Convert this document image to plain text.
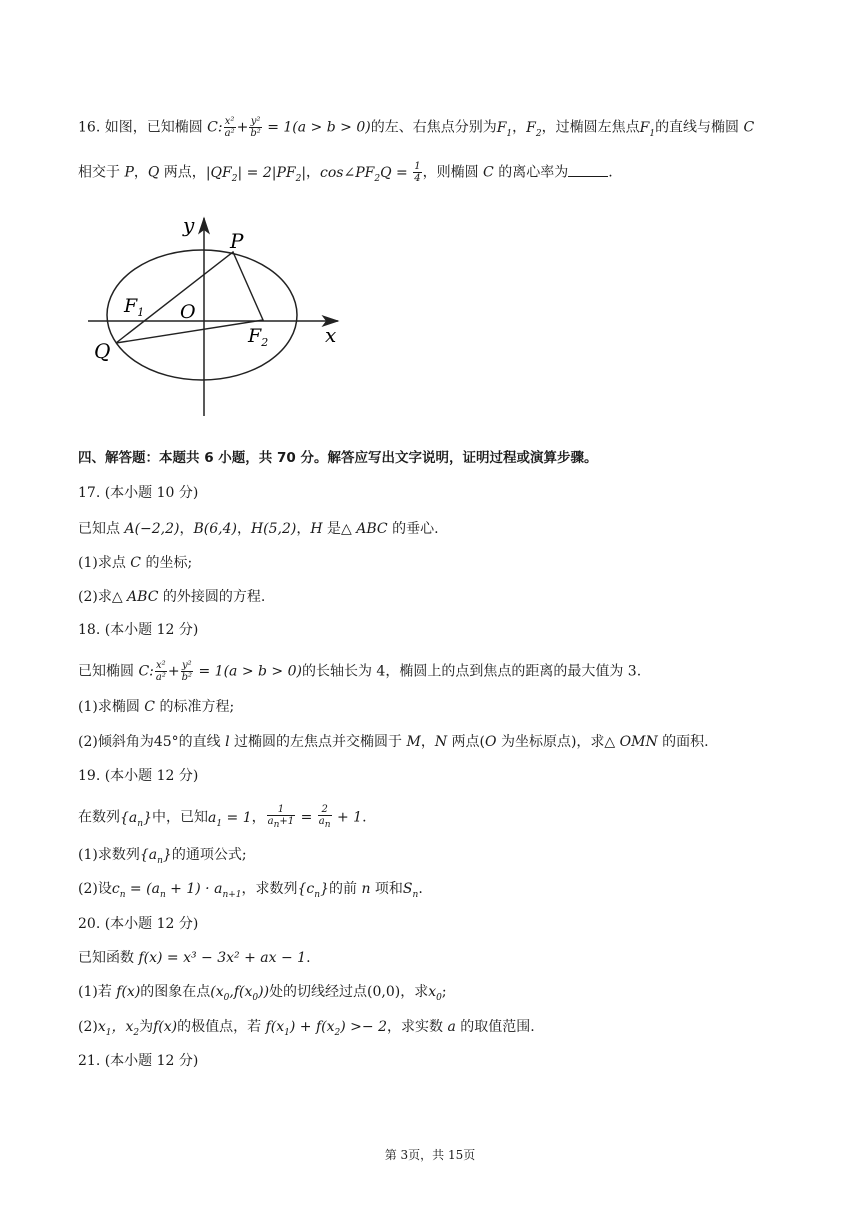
16. 如图，已知椭圆 C: $\frac{\text{x²}}{\text{a²}} + \frac{\text{y²}}{\text{b²}} = 1(a > b > 0)$的左、右焦点分别为$F_1$，$F_2$，过椭圆左焦点$F_1$的直线与椭圆 C
相交于 P，Q 两点，$|QF_2| = 2|PF_2|$，$\cos\angle PF_2Q = \frac{1}{4}$ ，则椭圆 C 的离心率为	.
y
x
P
Q
O
$F_1$
$F_2$
四、解答题：本题共 6 小题，共 70 分。解答应写出文字说明，证明过程或演算步骤。
17. (本小题 10 分)
已知点 A(−2,2)，B(6,4)，H(5,2)，H 是△ ABC 的垂心.
(1)求点 C 的坐标;
(2)求△ ABC 的外接圆的方程.
18. (本小题 12 分)
已知椭圆 C: $\frac{\text{x²}}{\text{a²}} + \frac{\text{y²}}{\text{b²}} = 1(a > b > 0)$的长轴长为 4，椭圆上的点到焦点的距离的最大值为 3.
(1)求椭圆 C 的标准方程;
(2)倾斜角为45°的直线 l 过椭圆的左焦点并交椭圆于 M，N 两点(O 为坐标原点)，求△ OMN 的面积.
19. (本小题 12 分)
在数列$\{a_n\}$中，已知$a_1 = 1$， $\frac{1}{a_n+1} = \frac{2}{a_n} + 1$.
(1)求数列$\{a_n\}$的通项公式;
(2)设$c_n = (a_n + 1) \cdot a_{n+1}$，求数列$\{c_n\}$的前 n 项和$S_n$.
20. (本小题 12 分)
已知函数 f(x) = x³ − 3x² + ax − 1.
(1)若 f(x)的图象在点$(x_0,f(x_0))$处的切线经过点(0,0)，求$x_0$;
$(2)x_1$，$x_2$为f(x)的极值点，若 $f(x_1) + f(x_2) >- 2$，求实数 a 的取值范围.
21. (本小题 12 分)
第 3页，共 15页
